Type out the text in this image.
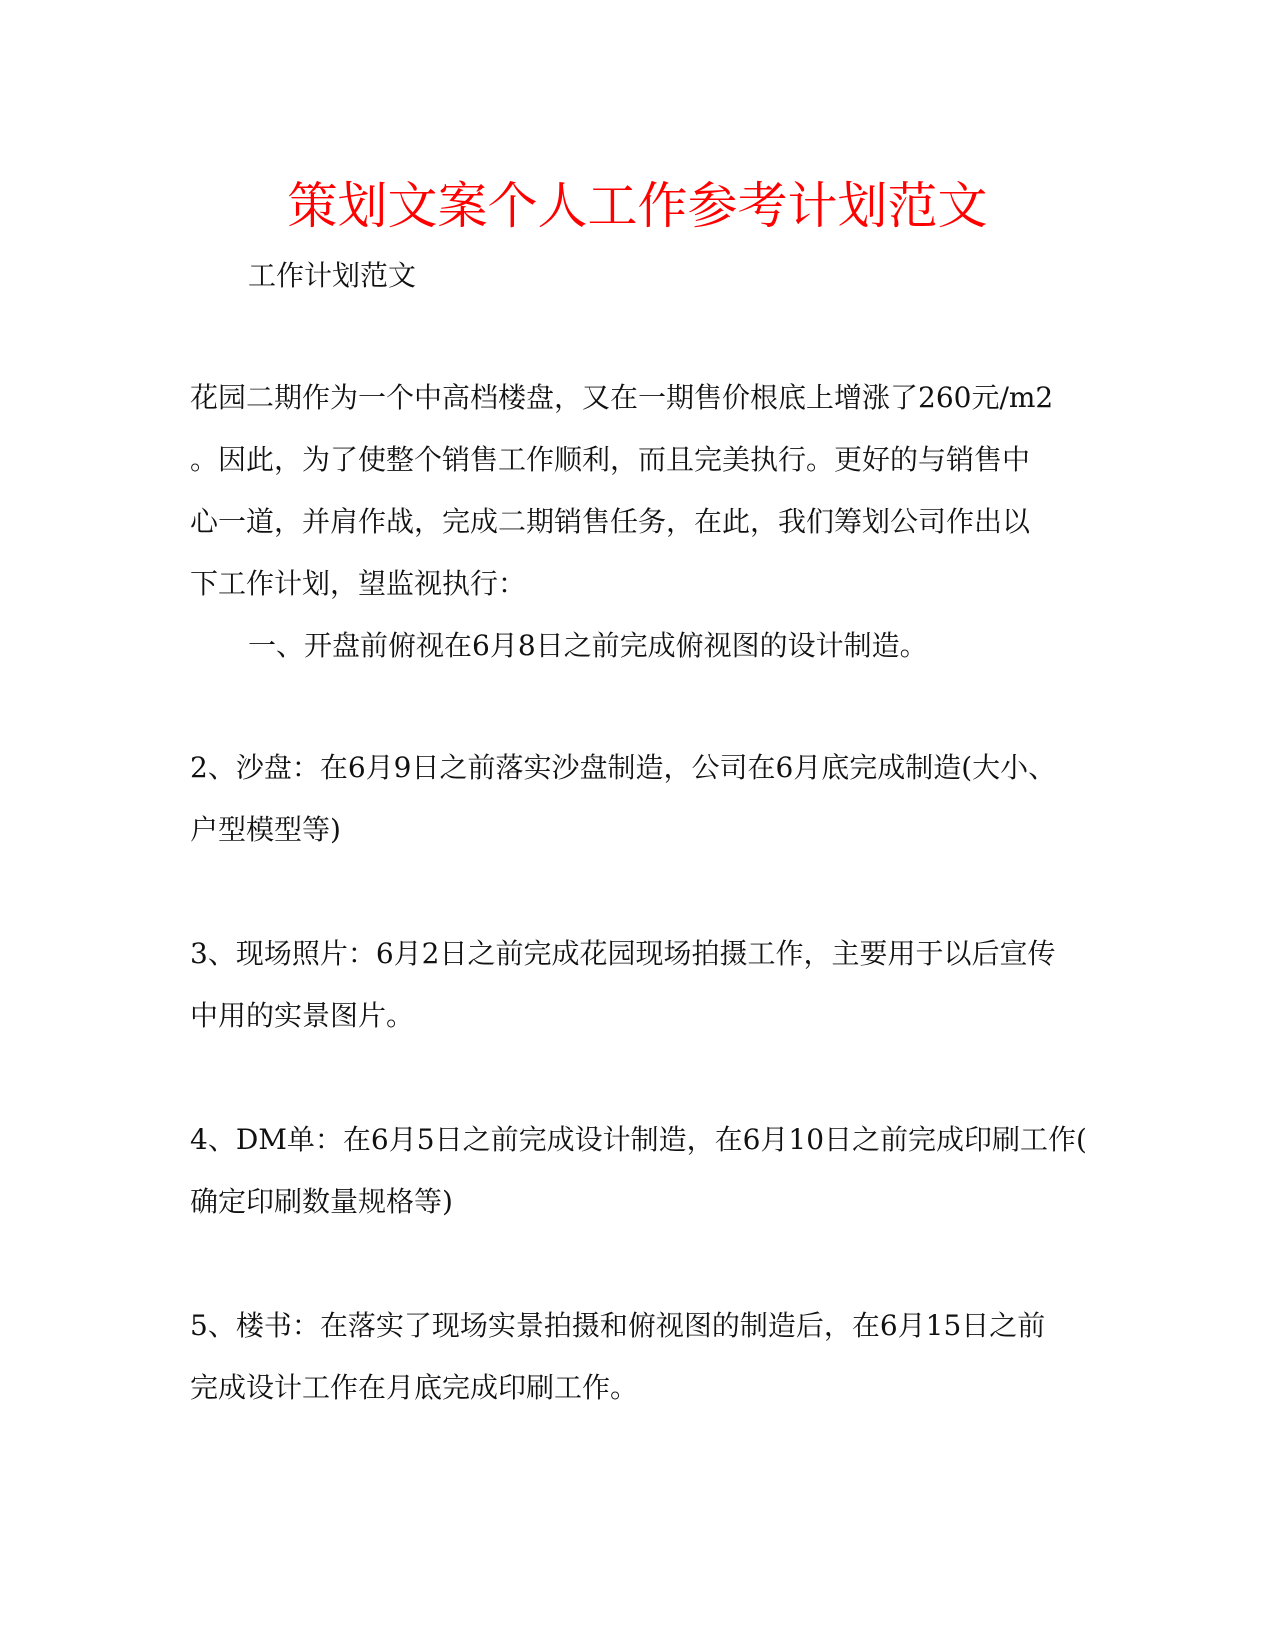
策划文案个人工作参考计划范文

工作计划范文

花园二期作为一个中高档楼盘，又在一期售价根底上增涨了260元/m2

。因此，为了使整个销售工作顺利，而且完美执行。更好的与销售中

心一道，并肩作战，完成二期销售任务，在此，我们筹划公司作出以

下工作计划，望监视执行：

一、开盘前俯视在6月8日之前完成俯视图的设计制造。

2、沙盘：在6月9日之前落实沙盘制造，公司在6月底完成制造(大小、

户型模型等)

3、现场照片：6月2日之前完成花园现场拍摄工作，主要用于以后宣传

中用的实景图片。

4、DM单：在6月5日之前完成设计制造，在6月10日之前完成印刷工作(

确定印刷数量规格等)

5、楼书：在落实了现场实景拍摄和俯视图的制造后，在6月15日之前

完成设计工作在月底完成印刷工作。
